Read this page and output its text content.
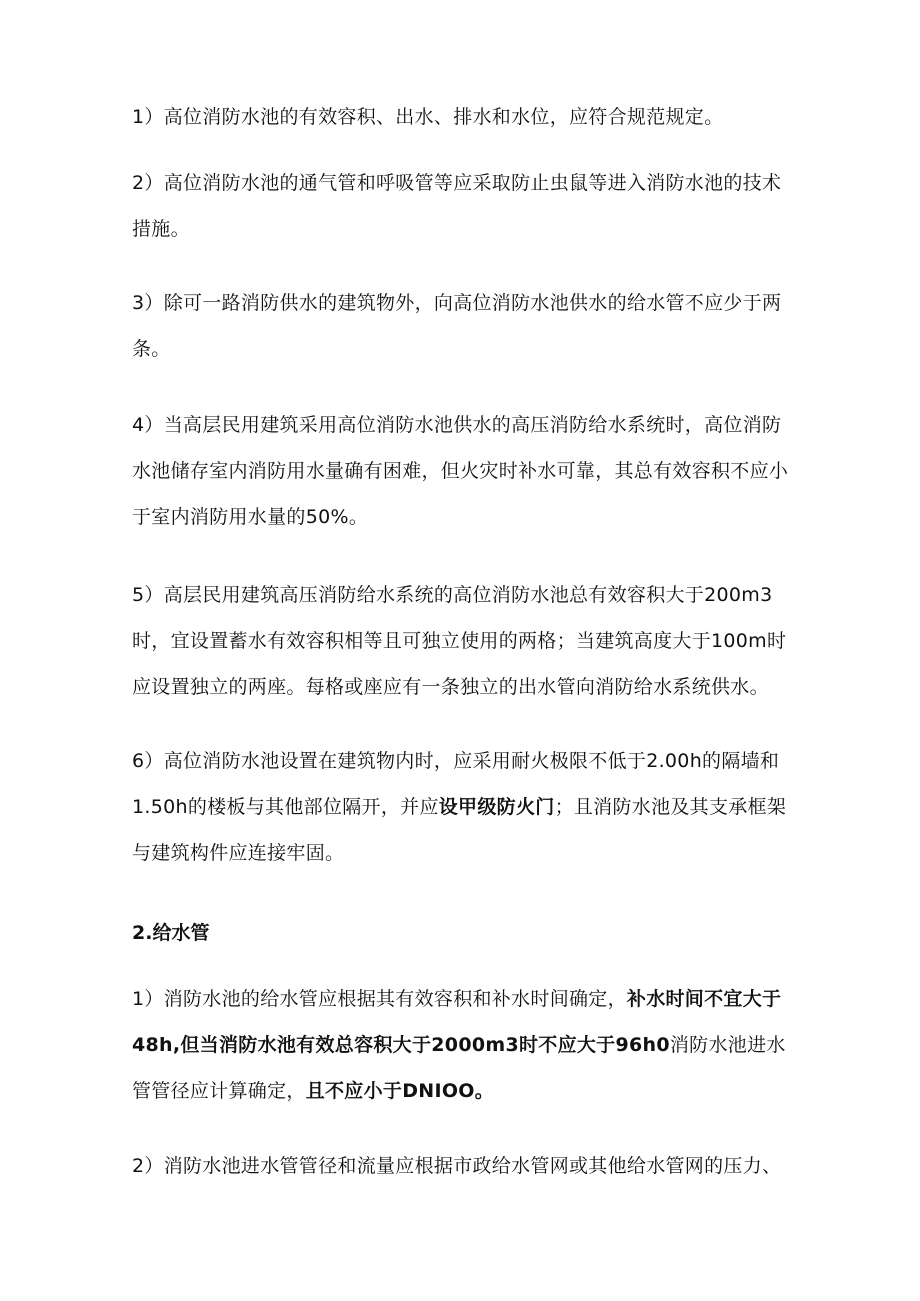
1）高位消防水池的有效容积、出水、排水和水位，应符合规范规定。

2）高位消防水池的通气管和呼吸管等应采取防止虫鼠等进入消防水池的技术措施。

3）除可一路消防供水的建筑物外，向高位消防水池供水的给水管不应少于两条。

4）当高层民用建筑采用高位消防水池供水的高压消防给水系统时，高位消防水池储存室内消防用水量确有困难，但火灾时补水可靠，其总有效容积不应小于室内消防用水量的50%。

5）高层民用建筑高压消防给水系统的高位消防水池总有效容积大于200m3时，宜设置蓄水有效容积相等且可独立使用的两格；当建筑高度大于100m时应设置独立的两座。每格或座应有一条独立的出水管向消防给水系统供水。

6）高位消防水池设置在建筑物内时，应采用耐火极限不低于2.00h的隔墙和1.50h的楼板与其他部位隔开，并应设甲级防火门；且消防水池及其支承框架与建筑构件应连接牢固。

2.给水管

1）消防水池的给水管应根据其有效容积和补水时间确定，补水时间不宜大于48h,但当消防水池有效总容积大于2000m3时不应大于96h0消防水池进水管管径应计算确定，且不应小于DNIOO。

2）消防水池进水管管径和流量应根据市政给水管网或其他给水管网的压力、
